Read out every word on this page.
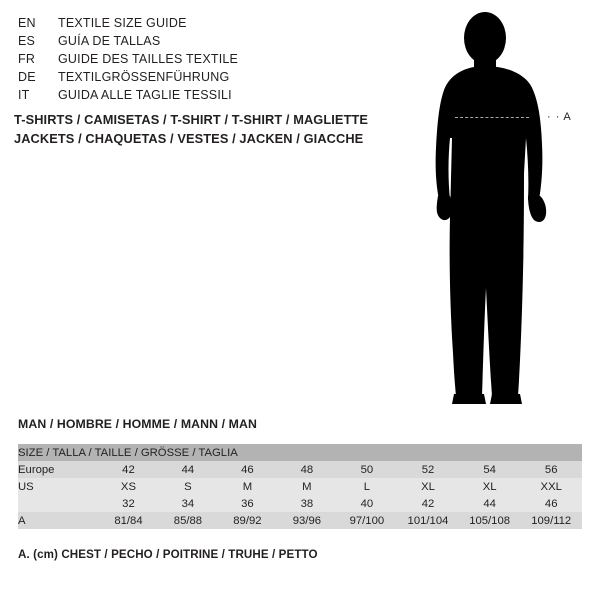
EN	TEXTILE SIZE GUIDE
ES	GUÍA DE TALLAS
FR	GUIDE DES TAILLES TEXTILE
DE	TEXTILGRÖSSENFÜHRUNG
IT	GUIDA ALLE TAGLIE TESSILI
T-SHIRTS / CAMISETAS / T-SHIRT / T-SHIRT / MAGLIETTE
JACKETS / CHAQUETAS / VESTES / JACKEN / GIACCHE
· · A
MAN / HOMBRE / HOMME / MANN / MAN
SIZE / TALLA / TAILLE / GRÖSSE / TAGLIA								
Europe	42	44	46	48	50	52	54	56
US	XS	S	M	M	L	XL	XL	XXL
	32	34	36	38	40	42	44	46
A	81/84	85/88	89/92	93/96	97/100	101/104	105/108	109/112
A. (cm) CHEST / PECHO / POITRINE / TRUHE / PETTO
